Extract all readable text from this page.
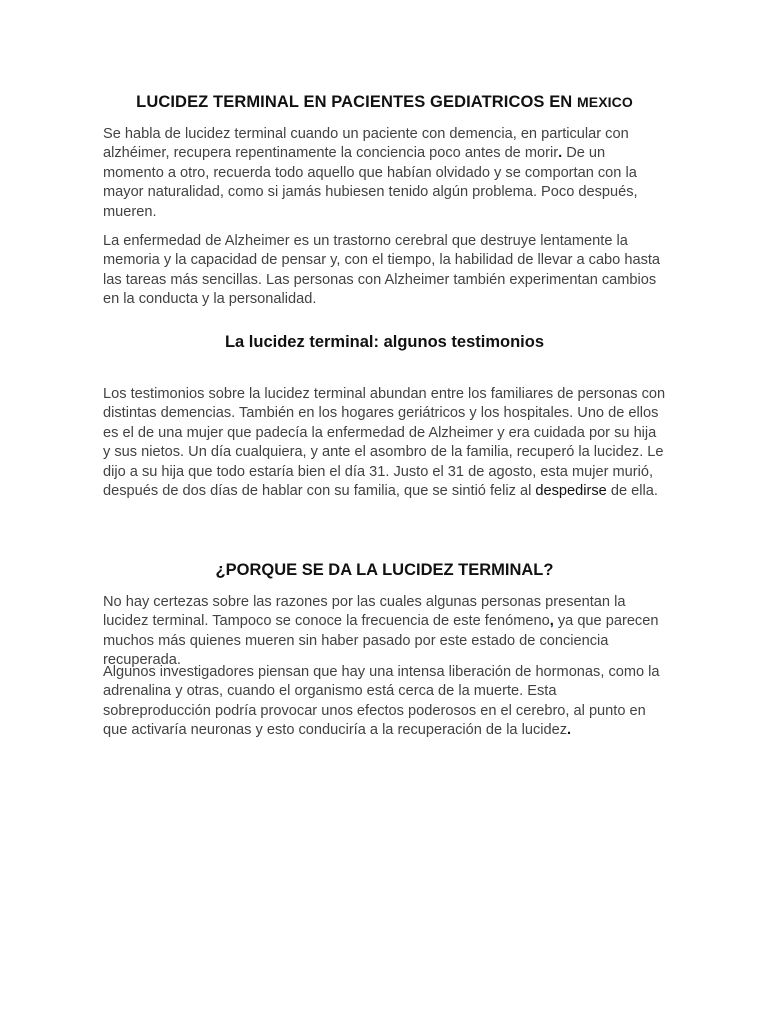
LUCIDEZ TERMINAL EN PACIENTES GEDIATRICOS EN MEXICO

Se habla de lucidez terminal cuando un paciente con demencia, en particular con alzhéimer, recupera repentinamente la conciencia poco antes de morir. De un momento a otro, recuerda todo aquello que habían olvidado y se comportan con la mayor naturalidad, como si jamás hubiesen tenido algún problema. Poco después, mueren.

La enfermedad de Alzheimer es un trastorno cerebral que destruye lentamente la memoria y la capacidad de pensar y, con el tiempo, la habilidad de llevar a cabo hasta las tareas más sencillas. Las personas con Alzheimer también experimentan cambios en la conducta y la personalidad.

La lucidez terminal: algunos testimonios

Los testimonios sobre la lucidez terminal abundan entre los familiares de personas con distintas demencias. También en los hogares geriátricos y los hospitales. Uno de ellos es el de una mujer que padecía la enfermedad de Alzheimer y era cuidada por su hija y sus nietos. Un día cualquiera, y ante el asombro de la familia, recuperó la lucidez. Le dijo a su hija que todo estaría bien el día 31. Justo el 31 de agosto, esta mujer murió, después de dos días de hablar con su familia, que se sintió feliz al despedirse de ella.

¿PORQUE SE DA LA LUCIDEZ TERMINAL?

No hay certezas sobre las razones por las cuales algunas personas presentan la lucidez terminal. Tampoco se conoce la frecuencia de este fenómeno, ya que parecen muchos más quienes mueren sin haber pasado por este estado de conciencia recuperada.

Algunos investigadores piensan que hay una intensa liberación de hormonas, como la adrenalina y otras, cuando el organismo está cerca de la muerte. Esta sobreproducción podría provocar unos efectos poderosos en el cerebro, al punto en que activaría neuronas y esto conduciría a la recuperación de la lucidez.
